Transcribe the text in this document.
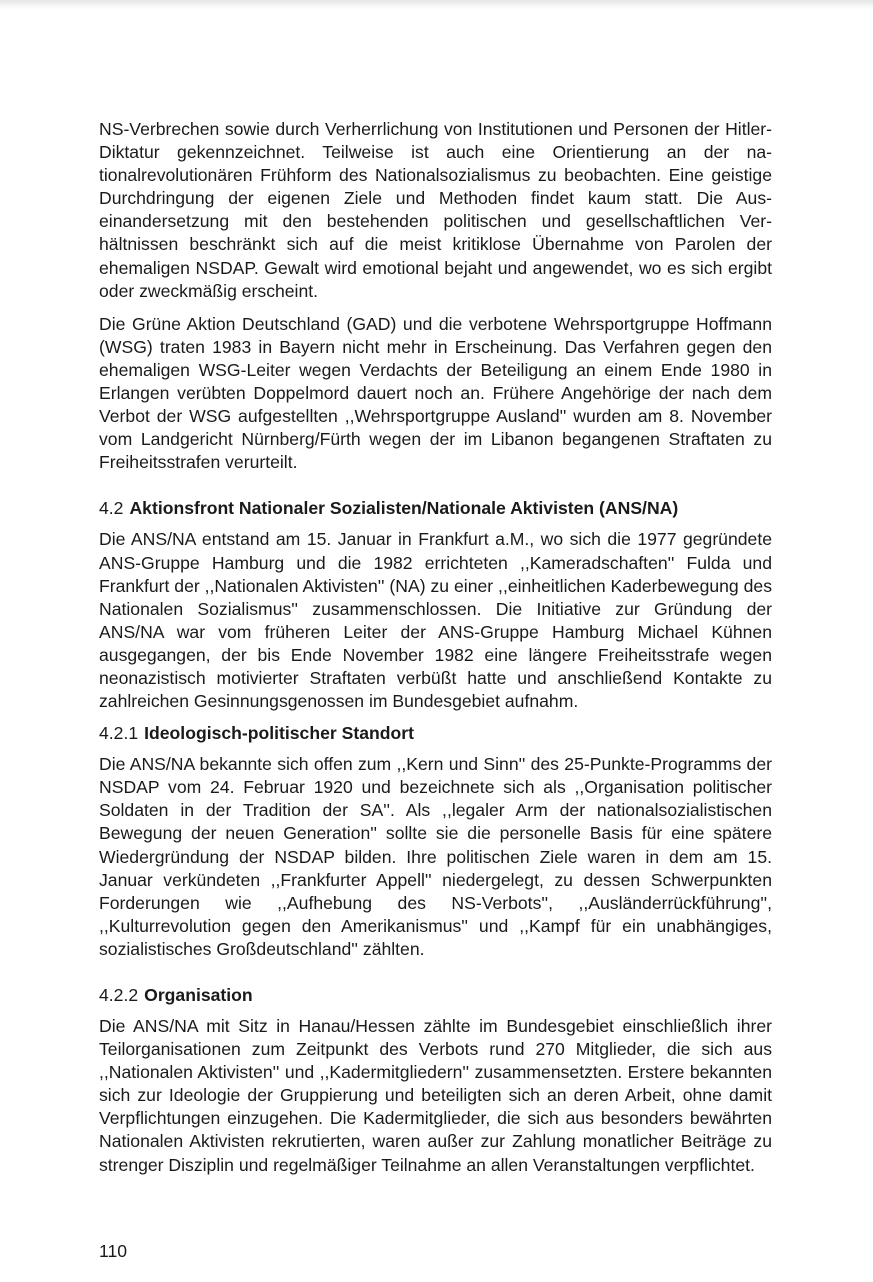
NS-Verbrechen sowie durch Verherrlichung von Institutionen und Personen der Hitler-Diktatur gekennzeichnet. Teilweise ist auch eine Orientierung an der nationalrevolutionären Frühform des Nationalsozialismus zu beobachten. Eine geistige Durchdringung der eigenen Ziele und Methoden findet kaum statt. Die Auseinandersetzung mit den bestehenden politischen und gesellschaftlichen Verhältnissen beschränkt sich auf die meist kritiklose Übernahme von Parolen der ehemaligen NSDAP. Gewalt wird emotional bejaht und angewendet, wo es sich ergibt oder zweckmäßig erscheint.

Die Grüne Aktion Deutschland (GAD) und die verbotene Wehrsportgruppe Hoffmann (WSG) traten 1983 in Bayern nicht mehr in Erscheinung. Das Verfahren gegen den ehemaligen WSG-Leiter wegen Verdachts der Beteiligung an einem Ende 1980 in Erlangen verübten Doppelmord dauert noch an. Frühere Angehörige der nach dem Verbot der WSG aufgestellten ,,Wehrsportgruppe Ausland'' wurden am 8. November vom Landgericht Nürnberg/Fürth wegen der im Libanon begangenen Straftaten zu Freiheitsstrafen verurteilt.

4.2 Aktionsfront Nationaler Sozialisten/Nationale Aktivisten (ANS/NA)

Die ANS/NA entstand am 15. Januar in Frankfurt a.M., wo sich die 1977 gegründete ANS-Gruppe Hamburg und die 1982 errichteten ,,Kameradschaften'' Fulda und Frankfurt der ,,Nationalen Aktivisten'' (NA) zu einer ,,einheitlichen Kaderbewegung des Nationalen Sozialismus'' zusammenschlossen. Die Initiative zur Gründung der ANS/NA war vom früheren Leiter der ANS-Gruppe Hamburg Michael Kühnen ausgegangen, der bis Ende November 1982 eine längere Freiheitsstrafe wegen neonazistisch motivierter Straftaten verbüßt hatte und anschließend Kontakte zu zahlreichen Gesinnungsgenossen im Bundesgebiet aufnahm.

4.2.1 Ideologisch-politischer Standort

Die ANS/NA bekannte sich offen zum ,,Kern und Sinn'' des 25-Punkte-Programms der NSDAP vom 24. Februar 1920 und bezeichnete sich als ,,Organisation politischer Soldaten in der Tradition der SA''. Als ,,legaler Arm der nationalsozialistischen Bewegung der neuen Generation'' sollte sie die personelle Basis für eine spätere Wiedergründung der NSDAP bilden. Ihre politischen Ziele waren in dem am 15. Januar verkündeten ,,Frankfurter Appell'' niedergelegt, zu dessen Schwerpunkten Forderungen wie ,,Aufhebung des NS-Verbots'', ,,Ausländerrückführung'', ,,Kulturrevolution gegen den Amerikanismus'' und ,,Kampf für ein unabhängiges, sozialistisches Großdeutschland'' zählten.

4.2.2 Organisation

Die ANS/NA mit Sitz in Hanau/Hessen zählte im Bundesgebiet einschließlich ihrer Teilorganisationen zum Zeitpunkt des Verbots rund 270 Mitglieder, die sich aus ,,Nationalen Aktivisten'' und ,,Kadermitgliedern'' zusammensetzten. Erstere bekannten sich zur Ideologie der Gruppierung und beteiligten sich an deren Arbeit, ohne damit Verpflichtungen einzugehen. Die Kadermitglieder, die sich aus besonders bewährten Nationalen Aktivisten rekrutierten, waren außer zur Zahlung monatlicher Beiträge zu strenger Disziplin und regelmäßiger Teilnahme an allen Veranstaltungen verpflichtet.

110
